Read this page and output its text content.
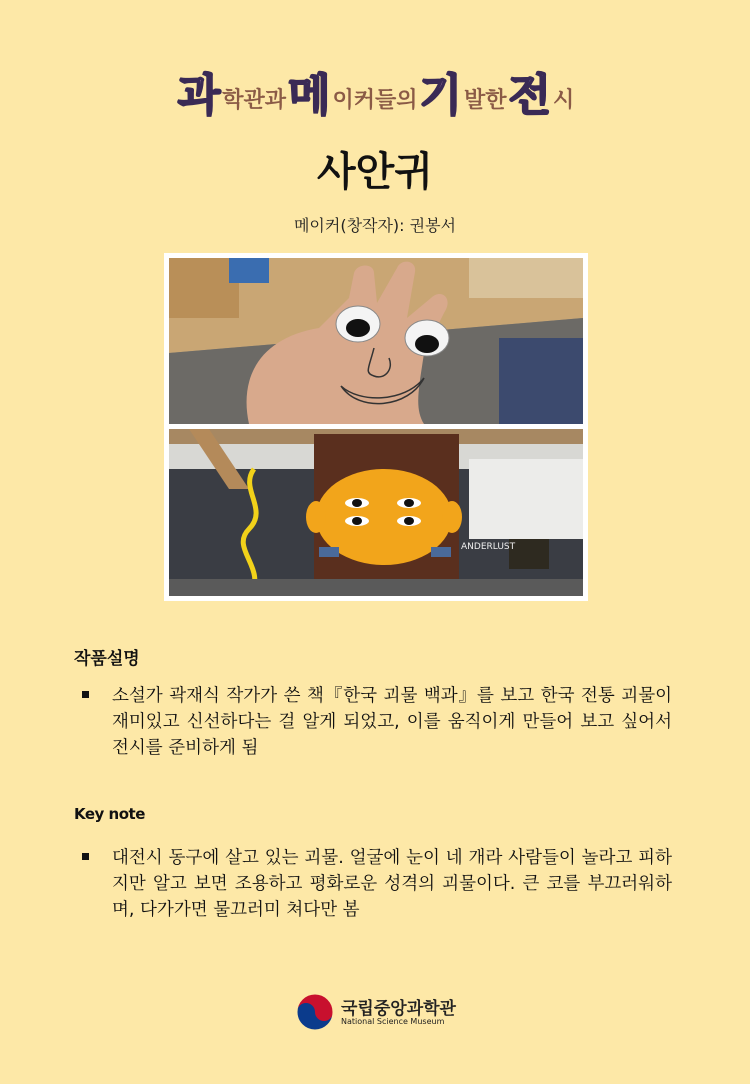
과 학관과 메 이커들의 기 발한 전 시
사안귀
메이커(창작자): 권봉서
ANDERLUST
작품설명
소설가 곽재식 작가가 쓴 책『한국 괴물 백과』를 보고 한국 전통 괴물이 재미있고 신선하다는 걸 알게 되었고, 이를 움직이게 만들어 보고 싶어서 전시를 준비하게 됨
Key note
대전시 동구에 살고 있는 괴물. 얼굴에 눈이 네 개라 사람들이 놀라고 피하지만 알고 보면 조용하고 평화로운 성격의 괴물이다. 큰 코를 부끄러워하며, 다가가면 물끄러미 쳐다만 봄
국립중앙과학관
National Science Museum
